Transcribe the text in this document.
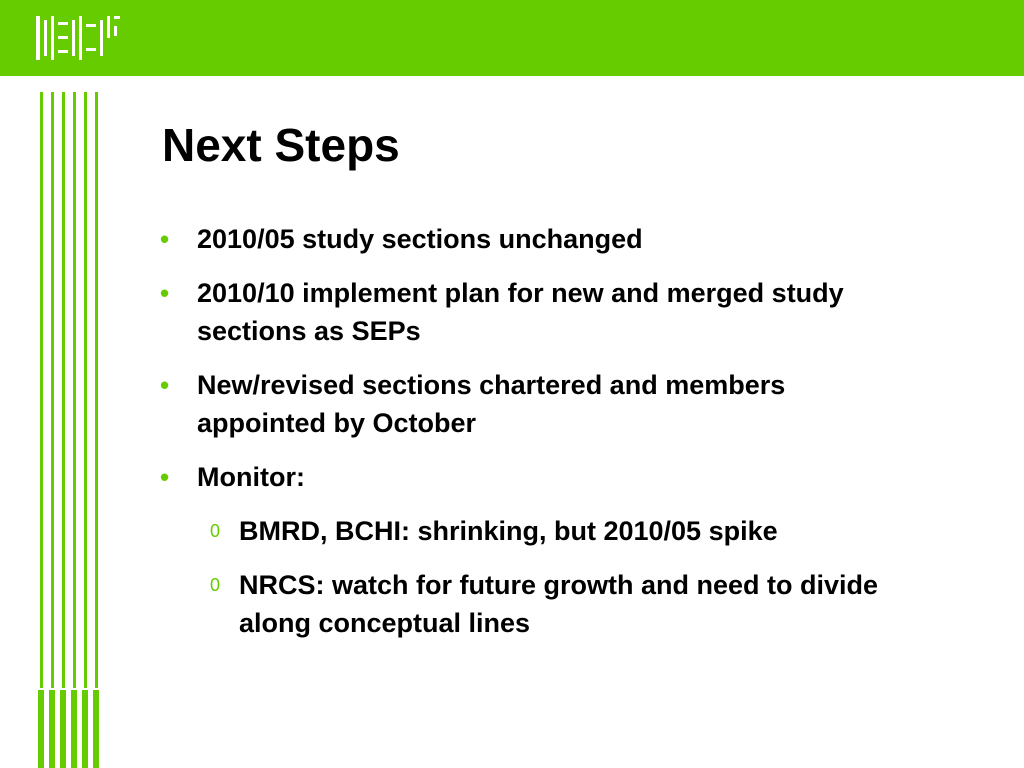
Next Steps
• 2010/05 study sections unchanged
• 2010/10 implement plan for new and merged study sections as SEPs
• New/revised sections chartered and members appointed by October
• Monitor:
0 BMRD, BCHI: shrinking, but 2010/05 spike
0 NRCS: watch for future growth and need to divide along conceptual lines
